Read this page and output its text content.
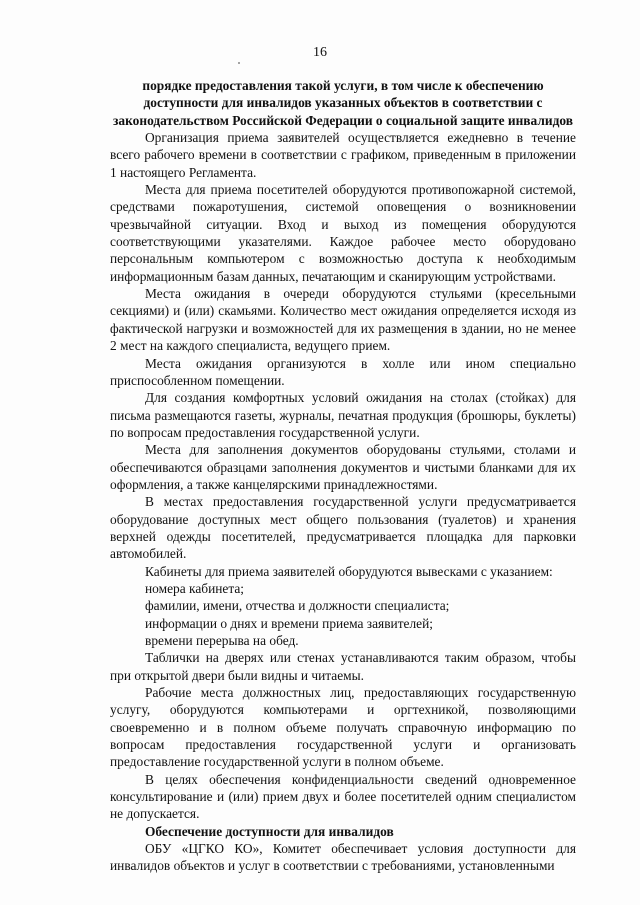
16

порядке предоставления такой услуги, в том числе к обеспечению доступности для инвалидов указанных объектов в соответствии с законодательством Российской Федерации о социальной защите инвалидов

Организация приема заявителей осуществляется ежедневно в течение всего рабочего времени в соответствии с графиком, приведенным в приложении 1 настоящего Регламента.

Места для приема посетителей оборудуются противопожарной системой, средствами пожаротушения, системой оповещения о возникновении чрезвычайной ситуации. Вход и выход из помещения оборудуются соответствующими указателями. Каждое рабочее место оборудовано персональным компьютером с возможностью доступа к необходимым информационным базам данных, печатающим и сканирующим устройствами.

Места ожидания в очереди оборудуются стульями (кресельными секциями) и (или) скамьями. Количество мест ожидания определяется исходя из фактической нагрузки и возможностей для их размещения в здании, но не менее 2 мест на каждого специалиста, ведущего прием.

Места ожидания организуются в холле или ином специально приспособленном помещении.

Для создания комфортных условий ожидания на столах (стойках) для письма размещаются газеты, журналы, печатная продукция (брошюры, буклеты) по вопросам предоставления государственной услуги.

Места для заполнения документов оборудованы стульями, столами и обеспечиваются образцами заполнения документов и чистыми бланками для их оформления, а также канцелярскими принадлежностями.

В местах предоставления государственной услуги предусматривается оборудование доступных мест общего пользования (туалетов) и хранения верхней одежды посетителей, предусматривается площадка для парковки автомобилей.

Кабинеты для приема заявителей оборудуются вывесками с указанием:

номера кабинета;

фамилии, имени, отчества и должности специалиста;

информации о днях и времени приема заявителей;

времени перерыва на обед.

Таблички на дверях или стенах устанавливаются таким образом, чтобы при открытой двери были видны и читаемы.

Рабочие места должностных лиц, предоставляющих государственную услугу, оборудуются компьютерами и оргтехникой, позволяющими своевременно и в полном объеме получать справочную информацию по вопросам предоставления государственной услуги и организовать предоставление государственной услуги в полном объеме.

В целях обеспечения конфиденциальности сведений одновременное консультирование и (или) прием двух и более посетителей одним специалистом не допускается.

Обеспечение доступности для инвалидов

ОБУ «ЦГКО КО», Комитет обеспечивает условия доступности для инвалидов объектов и услуг в соответствии с требованиями, установленными
